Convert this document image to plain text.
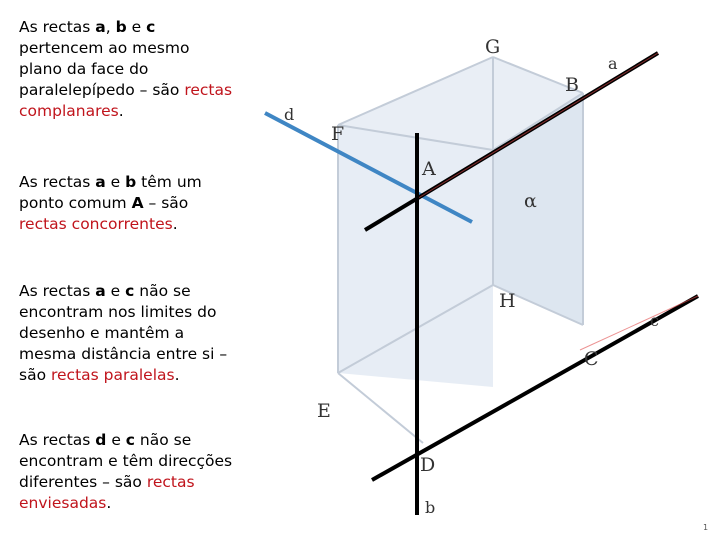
As rectas a, b e c pertencem ao mesmo plano da face do paralelepípedo – são rectas complanares.
As rectas a e b têm um ponto comum A – são rectas concorrentes.
As rectas a e c não se encontram nos limites do desenho e mantêm a mesma distância entre si – são rectas paralelas.
As rectas d e c não se encontram e têm direcções diferentes – são rectas enviesadas.
G
B
F
A
H
C
E
D
a
b
c
d
α
1
